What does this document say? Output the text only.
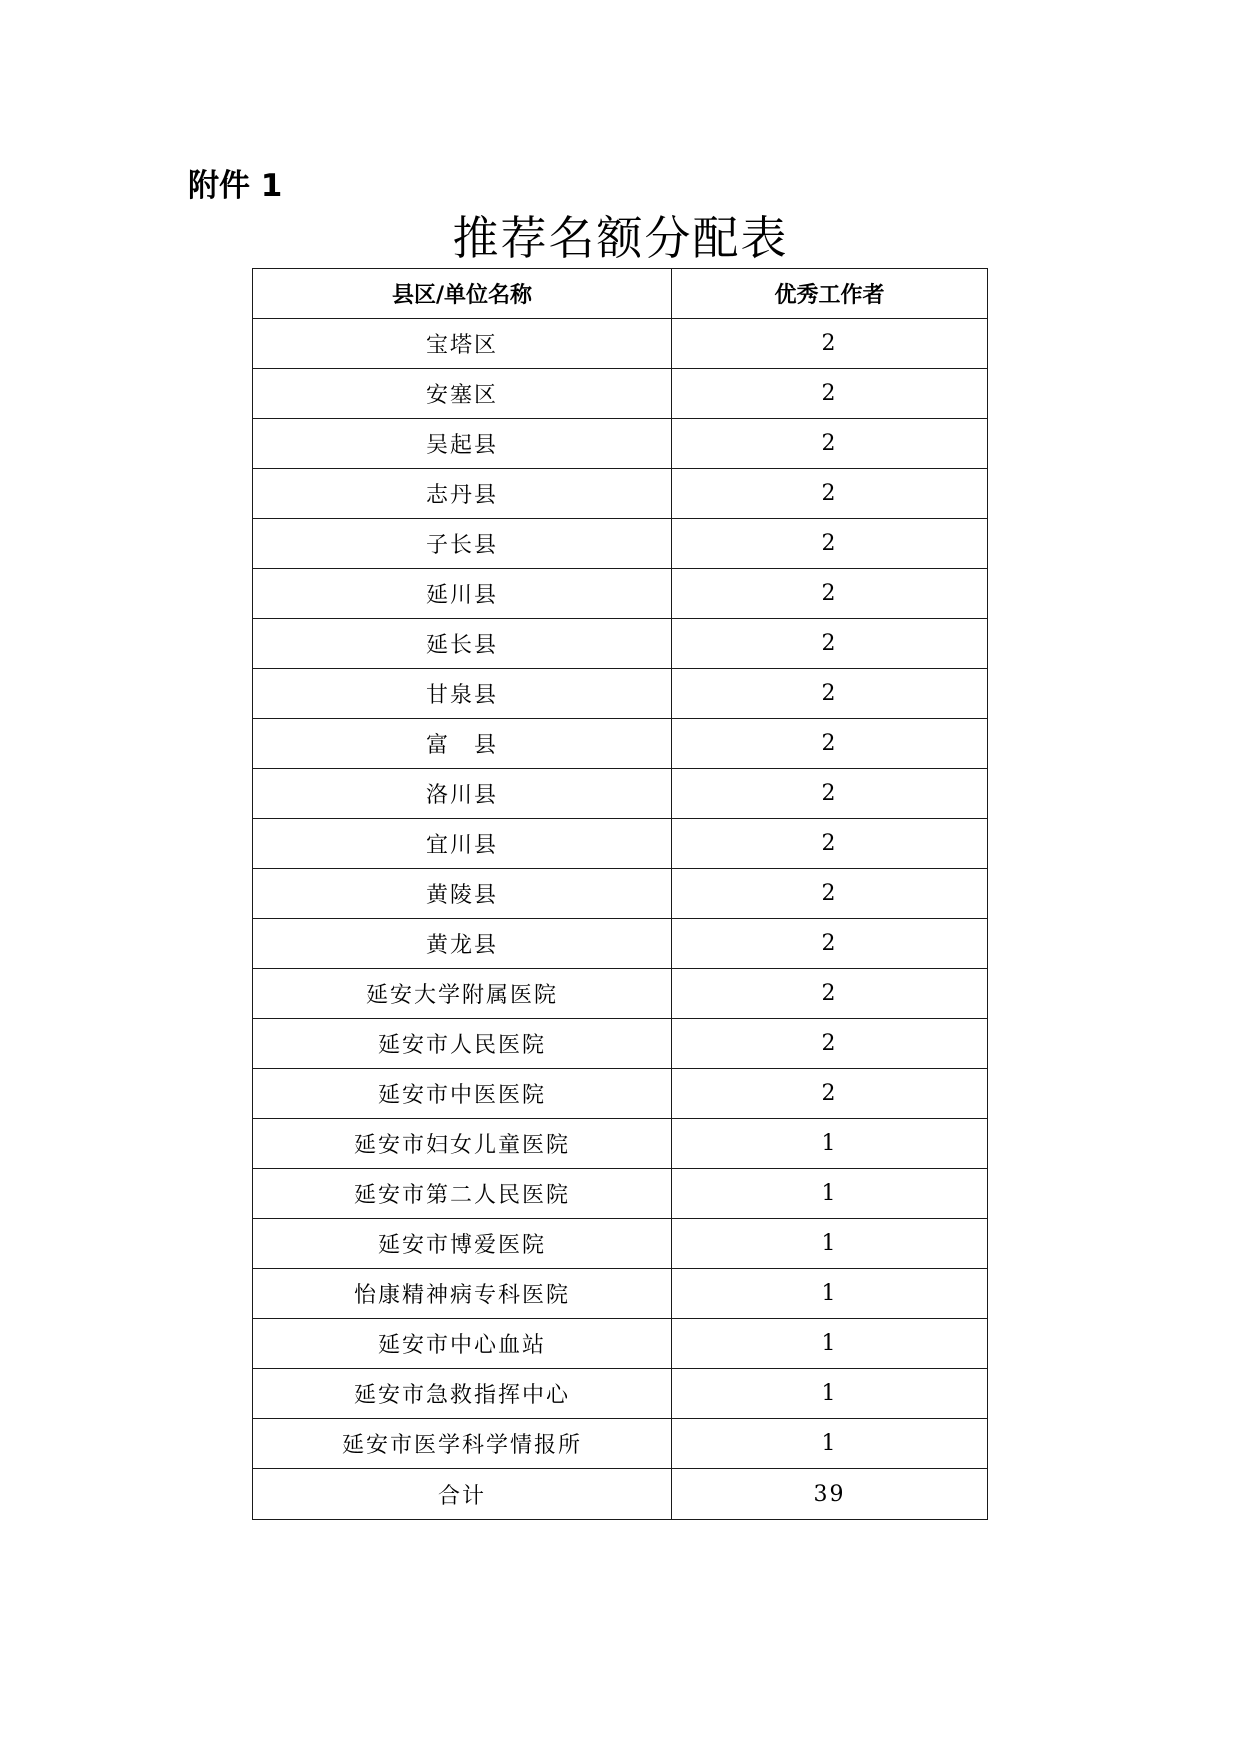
附件 1
推荐名额分配表
县区/单位名称	优秀工作者
宝塔区	2
安塞区	2
吴起县	2
志丹县	2
子长县	2
延川县	2
延长县	2
甘泉县	2
富　县	2
洛川县	2
宜川县	2
黄陵县	2
黄龙县	2
延安大学附属医院	2
延安市人民医院	2
延安市中医医院	2
延安市妇女儿童医院	1
延安市第二人民医院	1
延安市博爱医院	1
怡康精神病专科医院	1
延安市中心血站	1
延安市急救指挥中心	1
延安市医学科学情报所	1
合计	39
